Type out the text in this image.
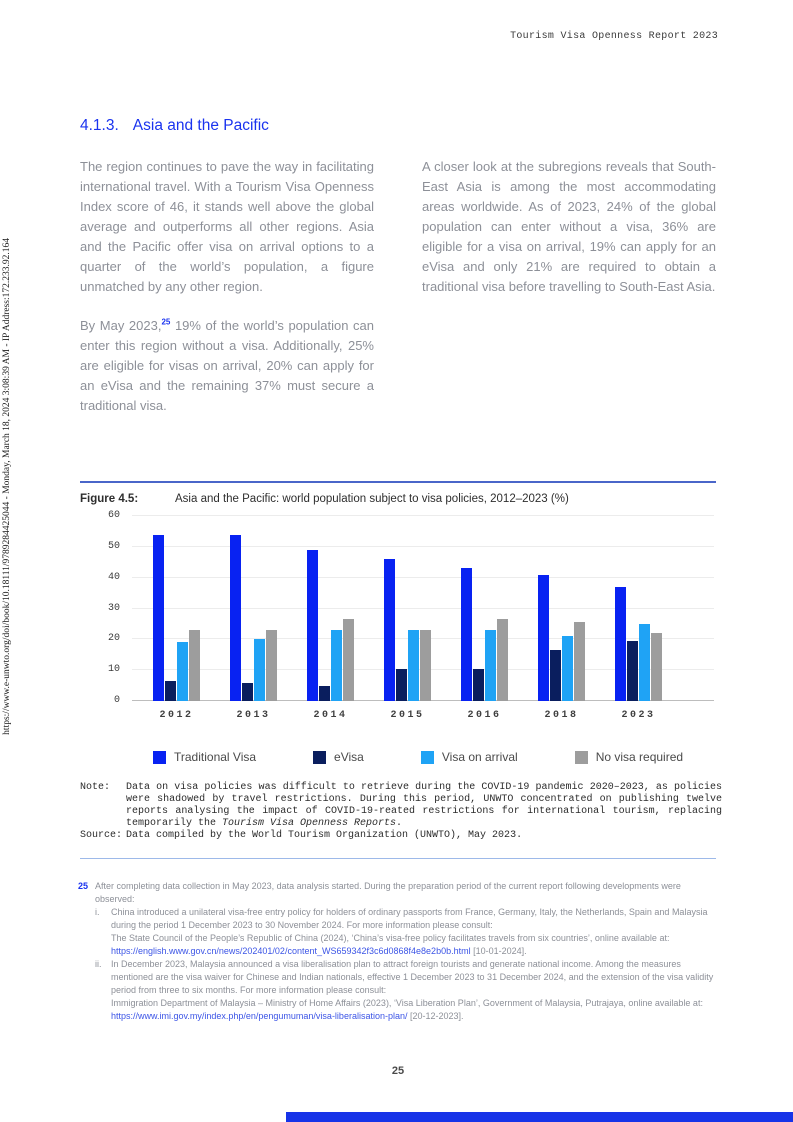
Tourism Visa Openness Report 2023
https://www.e-unwto.org/doi/book/10.18111/9789284425044 - Monday, March 18, 2024 3:08:39 AM - IP Address:172.233.92.164
4.1.3. Asia and the Pacific

The region continues to pave the way in facilitating international travel. With a Tourism Visa Openness Index score of 46, it stands well above the global average and outperforms all other regions. Asia and the Pacific offer visa on arrival options to a quarter of the world’s population, a figure unmatched by any other region.

By May 2023,25 19% of the world’s population can enter this region without a visa. Additionally, 25% are eligible for visas on arrival, 20% can apply for an eVisa and the remaining 37% must secure a traditional visa.

A closer look at the subregions reveals that South-East Asia is among the most accommodating areas worldwide. As of 2023, 24% of the global population can enter without a visa, 36% are eligible for a visa on arrival, 19% can apply for an eVisa and only 21% are required to obtain a traditional visa before travelling to South-East Asia.

Figure 4.5:	Asia and the Pacific: world population subject to visa policies, 2012–2023 (%)
0
10
20
30
40
50
60
2012	2013	2014	2015	2016	2018	2023
Traditional Visa	eVisa	Visa on arrival	No visa required
Note:	Data on visa policies was difficult to retrieve during the COVID-19 pandemic 2020–2023, as policies were shadowed by travel restrictions. During this period, UNWTO concentrated on publishing twelve reports analysing the impact of COVID-19-reated restrictions for international tourism, replacing temporarily the Tourism Visa Openness Reports.
Source: Data compiled by the World Tourism Organization (UNWTO), May 2023.
25 After completing data collection in May 2023, data analysis started. During the preparation period of the current report following developments were observed:
i.	China introduced a unilateral visa-free entry policy for holders of ordinary passports from France, Germany, Italy, the Netherlands, Spain and Malaysia during the period 1 December 2023 to 30 November 2024. For more information please consult:
The State Council of the People’s Republic of China (2024), ‘China’s visa-free policy facilitates travels from six countries’, online available at:
https://english.www.gov.cn/news/202401/02/content_WS659342f3c6d0868f4e8e2b0b.html [10-01-2024].
ii.	In December 2023, Malaysia announced a visa liberalisation plan to attract foreign tourists and generate national income. Among the measures mentioned are the visa waiver for Chinese and Indian nationals, effective 1 December 2023 to 31 December 2024, and the extension of the visa validity period from three to six months. For more information please consult:
Immigration Department of Malaysia – Ministry of Home Affairs (2023), ‘Visa Liberation Plan’, Government of Malaysia, Putrajaya, online available at:
https://www.imi.gov.my/index.php/en/pengumuman/visa-liberalisation-plan/ [20-12-2023].
25
